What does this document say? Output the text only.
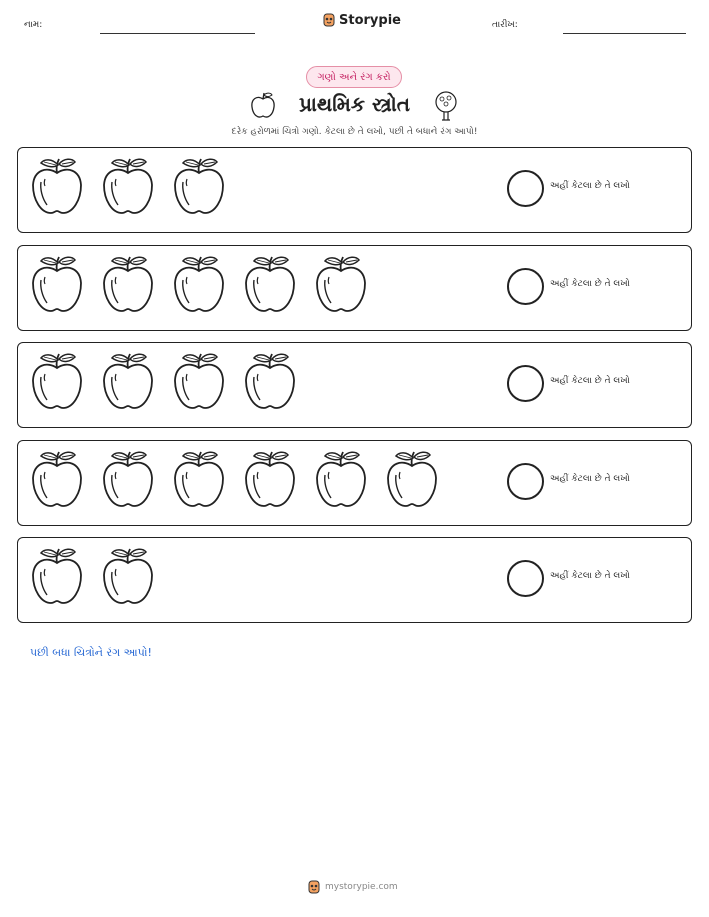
નામ:	Storypie	તારીખ:
ગણો અને રંગ કરો
પ્રાથમિક સ્ત્રોત
દરેક હરોળમાં ચિત્રો ગણો. કેટલા છે તે લખો, પછી તે બધાને રંગ આપો!
અહીં કેટલા છે તે લખો
અહીં કેટલા છે તે લખો
અહીં કેટલા છે તે લખો
અહીં કેટલા છે તે લખો
અહીં કેટલા છે તે લખો
પછી બધા ચિત્રોને રંગ આપો!
mystorypie.com
